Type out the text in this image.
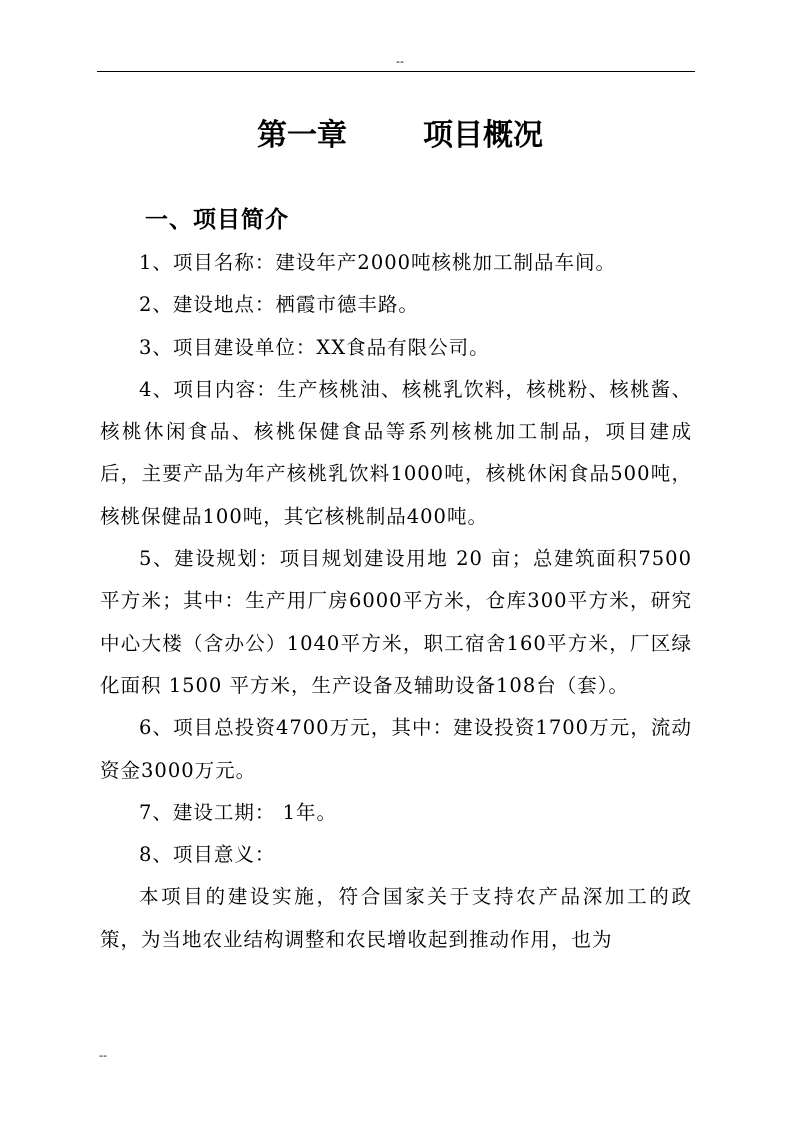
--
第一章	项目概况
一、项目简介

1、项目名称：建设年产2000吨核桃加工制品车间。

2、建设地点：栖霞市德丰路。

3、项目建设单位：XX食品有限公司。

4、项目内容：生产核桃油、核桃乳饮料，核桃粉、核桃酱、核桃休闲食品、核桃保健食品等系列核桃加工制品，项目建成后，主要产品为年产核桃乳饮料1000吨，核桃休闲食品500吨，核桃保健品100吨，其它核桃制品400吨。

5、建设规划：项目规划建设用地 20 亩；总建筑面积7500平方米；其中：生产用厂房6000平方米，仓库300平方米，研究中心大楼（含办公）1040平方米，职工宿舍160平方米，厂区绿化面积 1500 平方米，生产设备及辅助设备108台（套）。

6、项目总投资4700万元，其中：建设投资1700万元，流动资金3000万元。

7、建设工期： 1年。

8、项目意义：

本项目的建设实施，符合国家关于支持农产品深加工的政策，为当地农业结构调整和农民增收起到推动作用，也为

--
